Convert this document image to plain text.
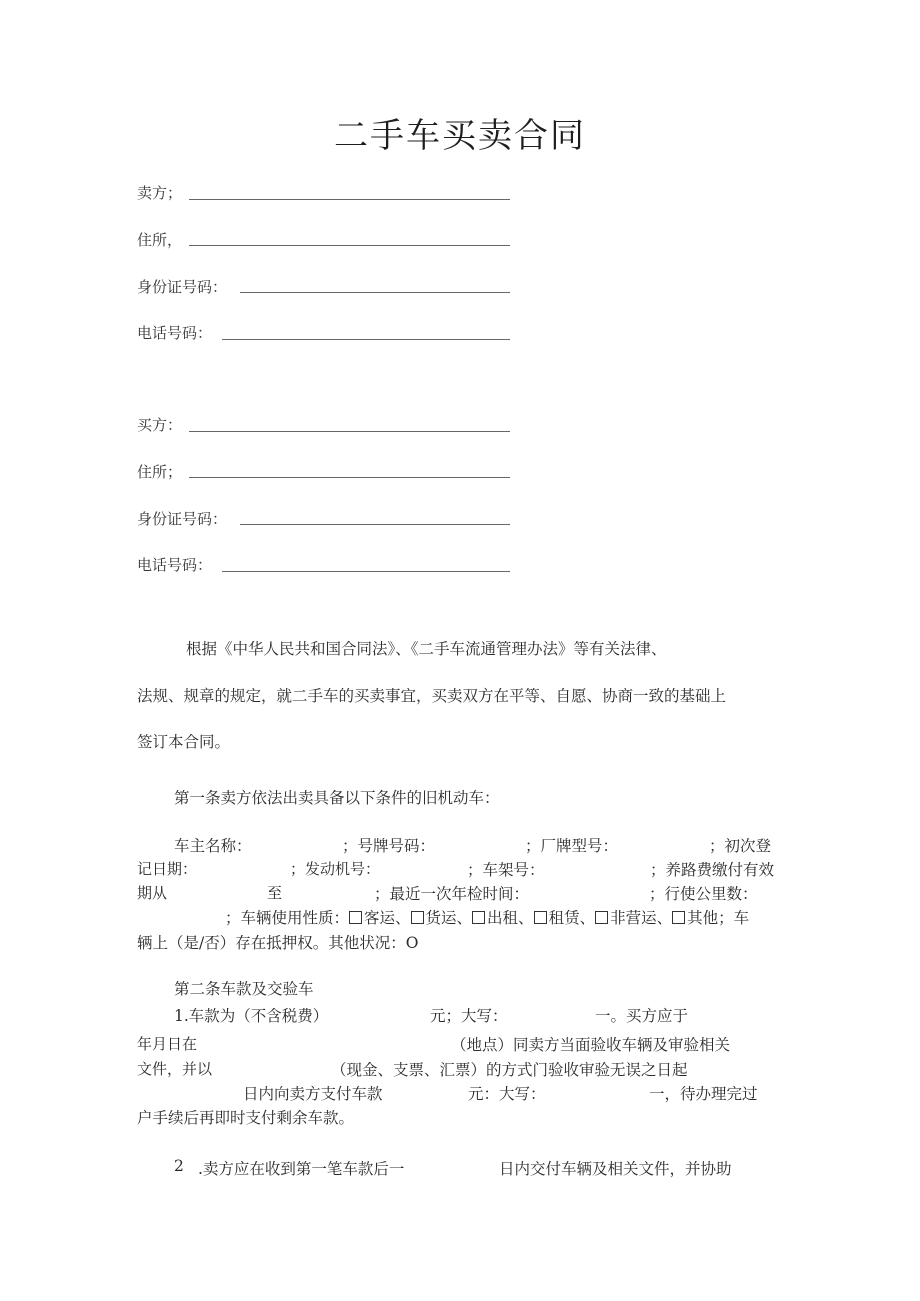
二手车买卖合同
卖方；
住所，
身份证号码：
电话号码：
买方：
住所；
身份证号码：
电话号码：
根据《中华人民共和国合同法》、《二手车流通管理办法》等有关法律、
法规、规章的规定，就二手车的买卖事宜，买卖双方在平等、自愿、协商一致的基础上
签订本合同。
第一条卖方依法出卖具备以下条件的旧机动车：
车主名称：	；号牌号码：	；厂牌型号：	；初次登
记日期：	；发动机号：	；车架号：	；养路费缴付有效
期从	至	；最近一次年检时间：	；行使公里数：
；车辆使用性质： 客运、 货运、 出租、 租赁、 非营运、 其他；车
辆上（是/否）存在抵押权。其他状况：O
第二条车款及交验车
1.车款为（不含税费）	元；大写：	一。买方应于
年月日在	（地点）同卖方当面验收车辆及审验相关
文件，并以	（现金、支票、汇票）的方式门验收审验无误之日起
日内向卖方支付车款	元：大写：	一，待办理完过
户手续后再即时支付剩余车款。
2 .卖方应在收到第一笔车款后一	日内交付车辆及相关文件，并协助
